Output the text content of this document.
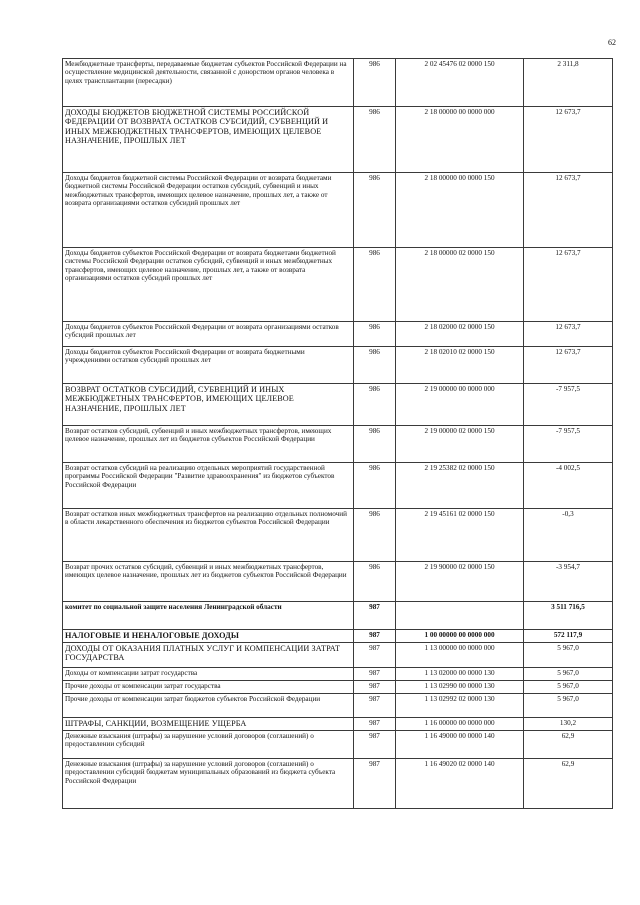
62
Межбюджетные трансферты, передаваемые бюджетам субъектов Российской Федерации на осуществление медицинской деятельности, связанной с донорством органов человека в целях трансплантации (пересадки)	986	2 02 45476 02 0000 150	2 311,8
ДОХОДЫ БЮДЖЕТОВ БЮДЖЕТНОЙ СИСТЕМЫ РОССИЙСКОЙ ФЕДЕРАЦИИ ОТ ВОЗВРАТА ОСТАТКОВ СУБСИДИЙ, СУБВЕНЦИЙ И ИНЫХ МЕЖБЮДЖЕТНЫХ ТРАНСФЕРТОВ, ИМЕЮЩИХ ЦЕЛЕВОЕ НАЗНАЧЕНИЕ, ПРОШЛЫХ ЛЕТ	986	2 18 00000 00 0000 000	12 673,7
Доходы бюджетов бюджетной системы Российской Федерации от возврата бюджетами бюджетной системы Российской Федерации остатков субсидий, субвенций и иных межбюджетных трансфертов, имеющих целевое назначение, прошлых лет, а также от возврата организациями остатков субсидий прошлых лет	986	2 18 00000 00 0000 150	12 673,7
Доходы бюджетов субъектов Российской Федерации от возврата бюджетами бюджетной системы Российской Федерации остатков субсидий, субвенций и иных межбюджетных трансфертов, имеющих целевое назначение, прошлых лет, а также от возврата организациями остатков субсидий прошлых лет	986	2 18 00000 02 0000 150	12 673,7
Доходы бюджетов субъектов Российской Федерации от возврата организациями остатков субсидий прошлых лет	986	2 18 02000 02 0000 150	12 673,7
Доходы бюджетов субъектов Российской Федерации от возврата бюджетными учреждениями остатков субсидий прошлых лет	986	2 18 02010 02 0000 150	12 673,7
ВОЗВРАТ ОСТАТКОВ СУБСИДИЙ, СУБВЕНЦИЙ И ИНЫХ МЕЖБЮДЖЕТНЫХ ТРАНСФЕРТОВ, ИМЕЮЩИХ ЦЕЛЕВОЕ НАЗНАЧЕНИЕ, ПРОШЛЫХ ЛЕТ	986	2 19 00000 00 0000 000	-7 957,5
Возврат остатков субсидий, субвенций и иных межбюджетных трансфертов, имеющих целевое назначение, прошлых лет из бюджетов субъектов Российской Федерации	986	2 19 00000 02 0000 150	-7 957,5
Возврат остатков субсидий на реализацию отдельных мероприятий государственной программы Российской Федерации "Развитие здравоохранения" из бюджетов субъектов Российской Федерации	986	2 19 25382 02 0000 150	-4 002,5
Возврат остатков иных межбюджетных трансфертов на реализацию отдельных полномочий в области лекарственного обеспечения из бюджетов субъектов Российской Федерации	986	2 19 45161 02 0000 150	-0,3
Возврат прочих остатков субсидий, субвенций и иных межбюджетных трансфертов, имеющих целевое назначение, прошлых лет из бюджетов субъектов Российской Федерации	986	2 19 90000 02 0000 150	-3 954,7
комитет по социальной защите населения Ленинградской области	987		3 511 716,5
НАЛОГОВЫЕ И НЕНАЛОГОВЫЕ ДОХОДЫ	987	1 00 00000 00 0000 000	572 117,9
ДОХОДЫ ОТ ОКАЗАНИЯ ПЛАТНЫХ УСЛУГ И КОМПЕНСАЦИИ ЗАТРАТ ГОСУДАРСТВА	987	1 13 00000 00 0000 000	5 967,0
Доходы от компенсации затрат государства	987	1 13 02000 00 0000 130	5 967,0
Прочие доходы от компенсации затрат государства	987	1 13 02990 00 0000 130	5 967,0
Прочие доходы от компенсации затрат бюджетов субъектов Российской Федерации	987	1 13 02992 02 0000 130	5 967,0
ШТРАФЫ, САНКЦИИ, ВОЗМЕЩЕНИЕ УЩЕРБА	987	1 16 00000 00 0000 000	130,2
Денежные взыскания (штрафы) за нарушение условий договоров (соглашений) о предоставлении субсидий	987	1 16 49000 00 0000 140	62,9
Денежные взыскания (штрафы) за нарушение условий договоров (соглашений) о предоставлении субсидий бюджетам муниципальных образований из бюджета субъекта Российской Федерации	987	1 16 49020 02 0000 140	62,9
